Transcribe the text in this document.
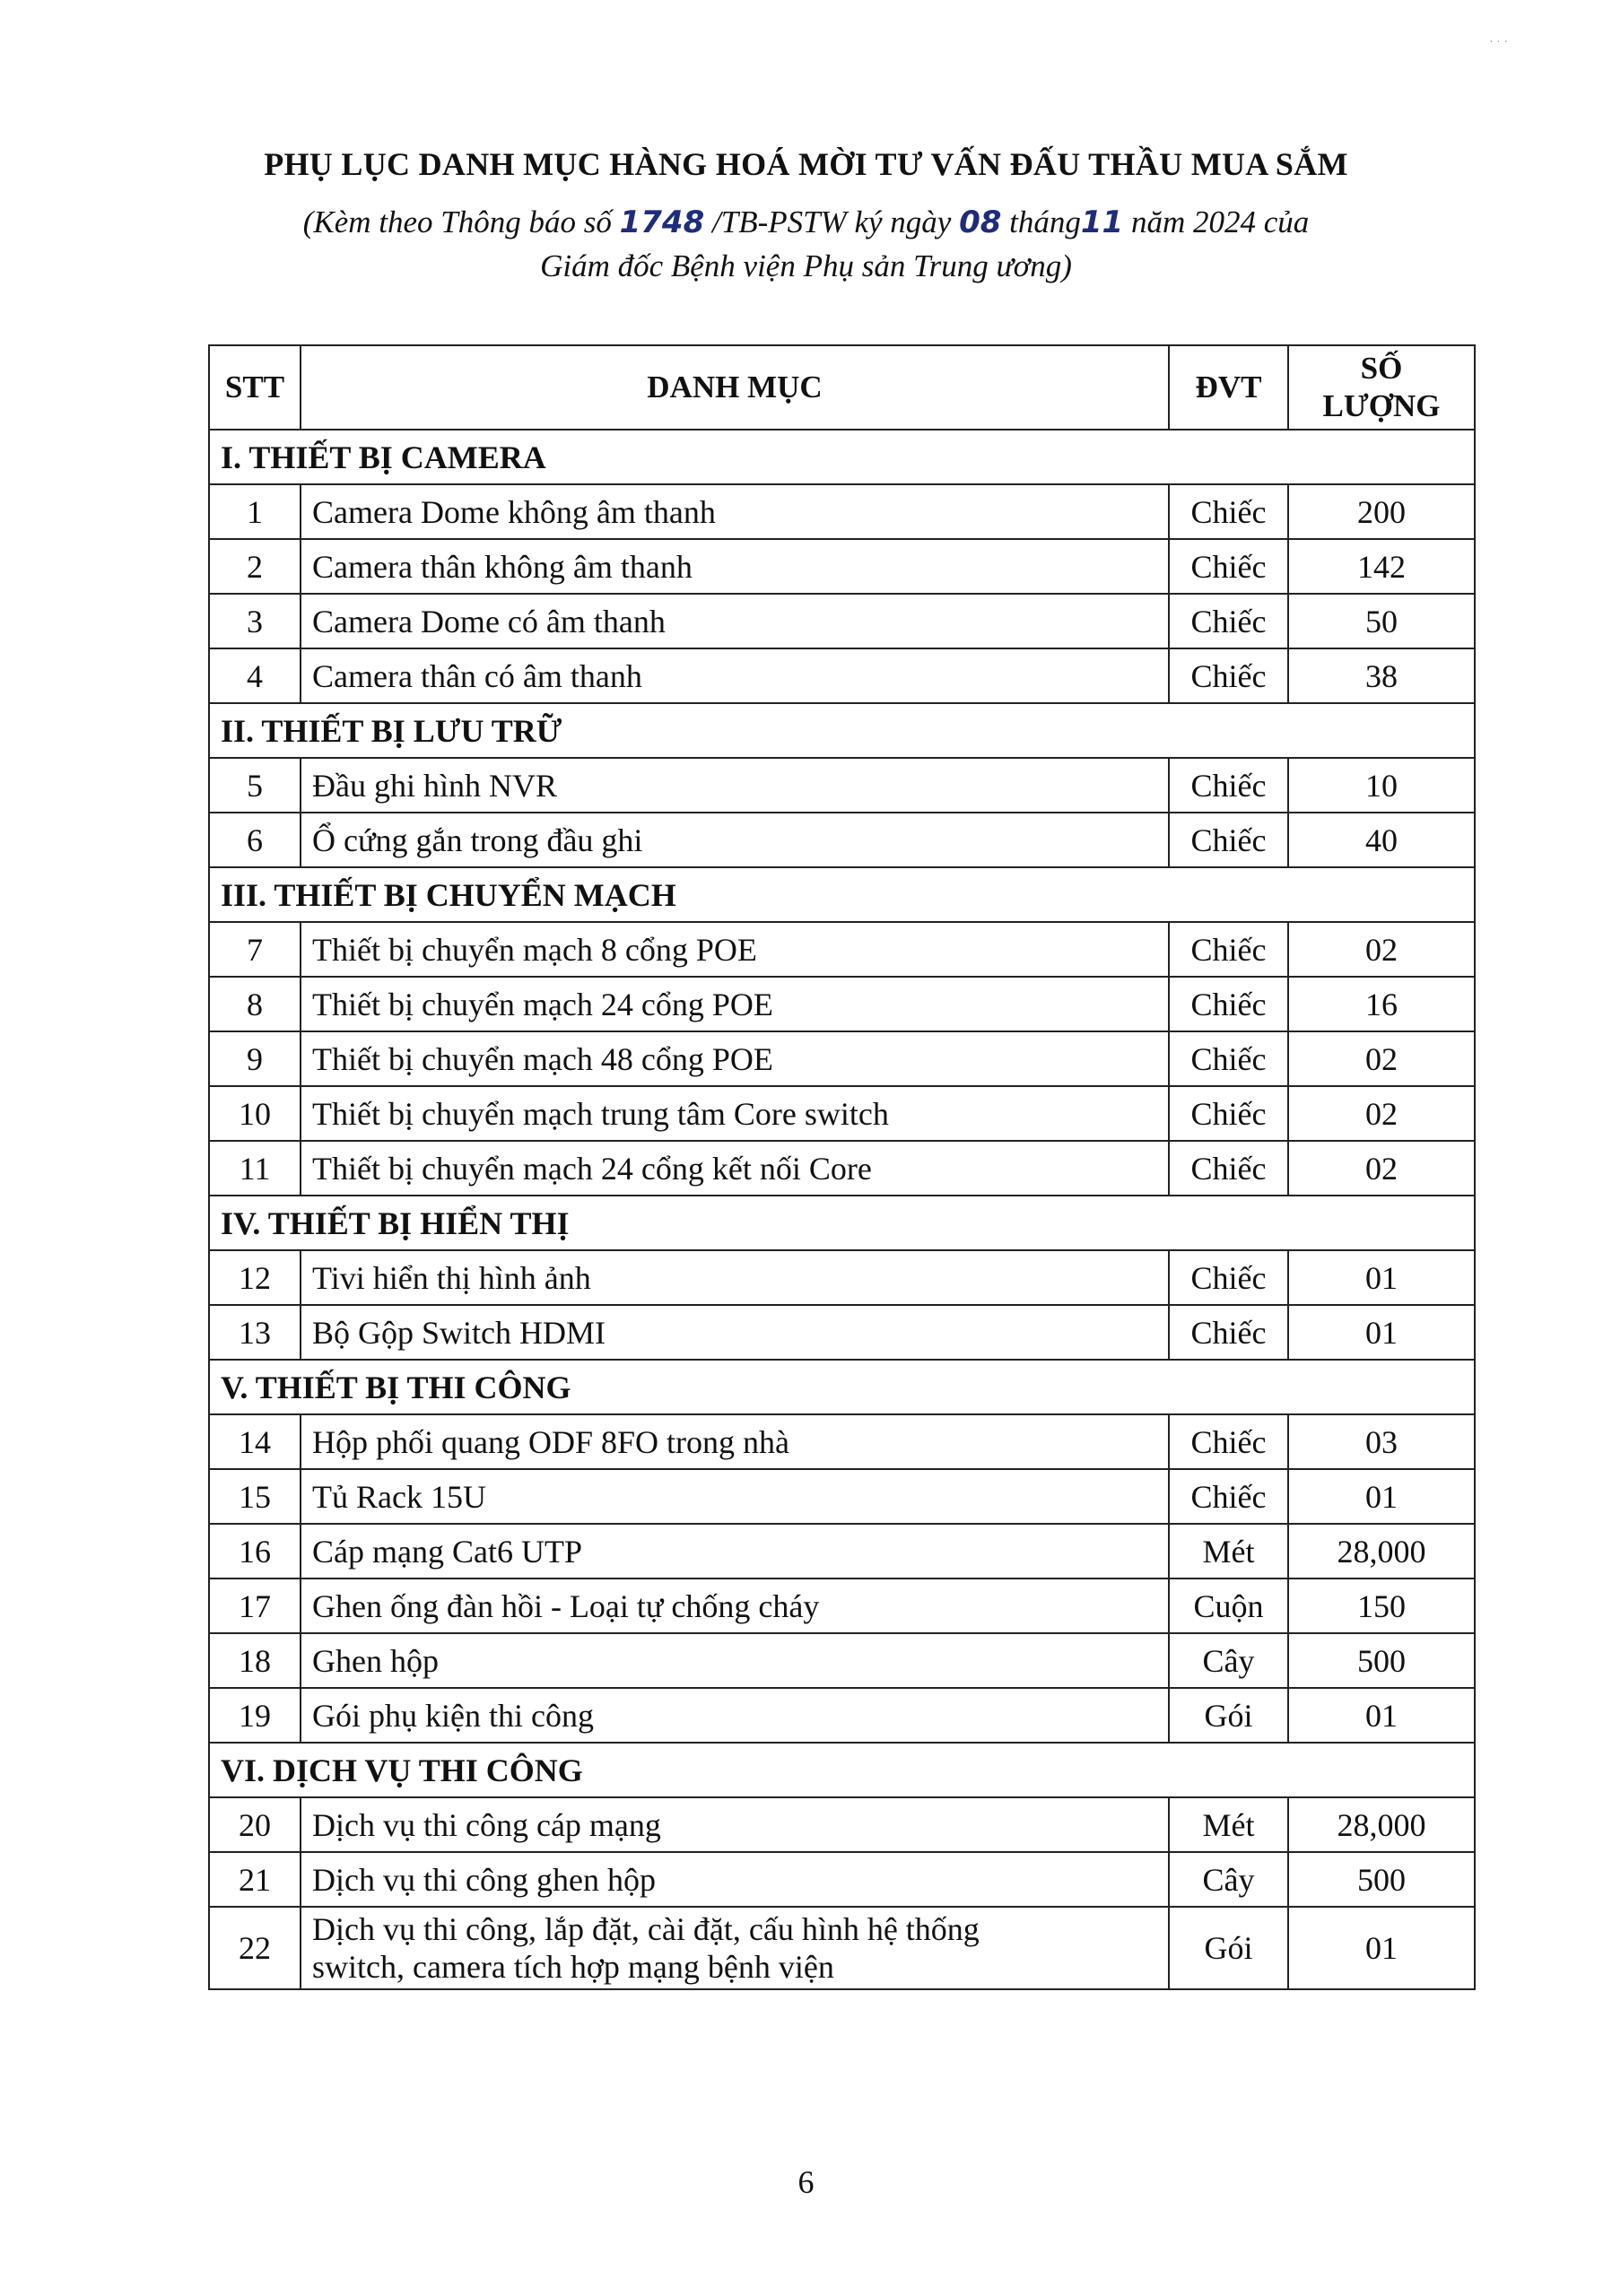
· · ·
PHỤ LỤC DANH MỤC HÀNG HOÁ MỜI TƯ VẤN ĐẤU THẦU MUA SẮM
(Kèm theo Thông báo số 1748 /TB-PSTW ký ngày 08 tháng11 năm 2024 của
Giám đốc Bệnh viện Phụ sản Trung ương)
STT	DANH MỤC	ĐVT	SỐ
LƯỢNG
I. THIẾT BỊ CAMERA			
1	Camera Dome không âm thanh	Chiếc	200
2	Camera thân không âm thanh	Chiếc	142
3	Camera Dome có âm thanh	Chiếc	50
4	Camera thân có âm thanh	Chiếc	38
II. THIẾT BỊ LƯU TRỮ			
5	Đầu ghi hình NVR	Chiếc	10
6	Ổ cứng gắn trong đầu ghi	Chiếc	40
III. THIẾT BỊ CHUYỂN MẠCH			
7	Thiết bị chuyển mạch 8 cổng POE	Chiếc	02
8	Thiết bị chuyển mạch 24 cổng POE	Chiếc	16
9	Thiết bị chuyển mạch 48 cổng POE	Chiếc	02
10	Thiết bị chuyển mạch trung tâm Core switch	Chiếc	02
11	Thiết bị chuyển mạch 24 cổng kết nối Core	Chiếc	02
IV. THIẾT BỊ HIỂN THỊ			
12	Tivi hiển thị hình ảnh	Chiếc	01
13	Bộ Gộp Switch HDMI	Chiếc	01
V. THIẾT BỊ THI CÔNG			
14	Hộp phối quang ODF 8FO trong nhà	Chiếc	03
15	Tủ Rack 15U	Chiếc	01
16	Cáp mạng Cat6 UTP	Mét	28,000
17	Ghen ống đàn hồi - Loại tự chống cháy	Cuộn	150
18	Ghen hộp	Cây	500
19	Gói phụ kiện thi công	Gói	01
VI. DỊCH VỤ THI CÔNG			
20	Dịch vụ thi công cáp mạng	Mét	28,000
21	Dịch vụ thi công ghen hộp	Cây	500
22	Dịch vụ thi công, lắp đặt, cài đặt, cấu hình hệ thống
switch, camera tích hợp mạng bệnh viện	Gói	01
6
